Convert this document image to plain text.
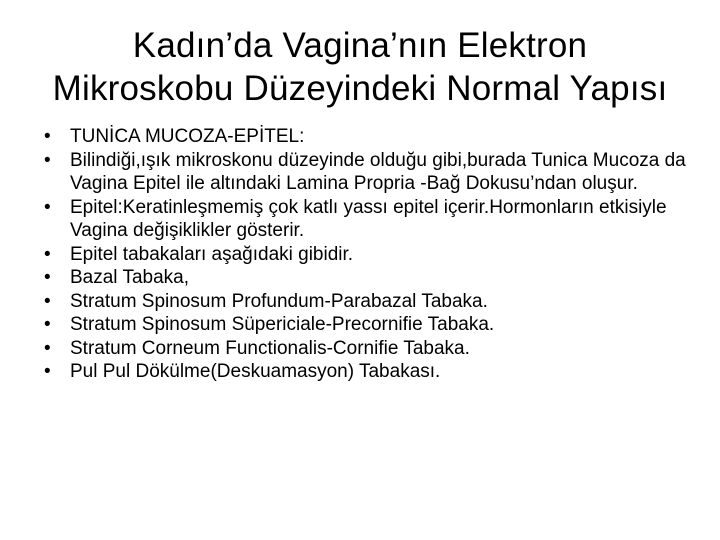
Kadın’da Vagina’nın Elektron
Mikroskobu Düzeyindeki Normal Yapısı
•	TUNİCA MUCOZA-EPİTEL:
•	Bilindiği,ışık mikroskonu düzeyinde olduğu gibi,burada Tunica Mucoza da Vagina Epitel ile altındaki Lamina Propria -Bağ Dokusu’ndan oluşur.
•	Epitel:Keratinleşmemiş çok katlı yassı epitel içerir.Hormonların etkisiyle Vagina değişiklikler gösterir.
•	Epitel tabakaları aşağıdaki gibidir.
•	Bazal Tabaka,
•	Stratum Spinosum Profundum-Parabazal Tabaka.
•	Stratum Spinosum Süpericiale-Precornifie Tabaka.
•	Stratum Corneum Functionalis-Cornifie Tabaka.
•	Pul Pul Dökülme(Deskuamasyon) Tabakası.
